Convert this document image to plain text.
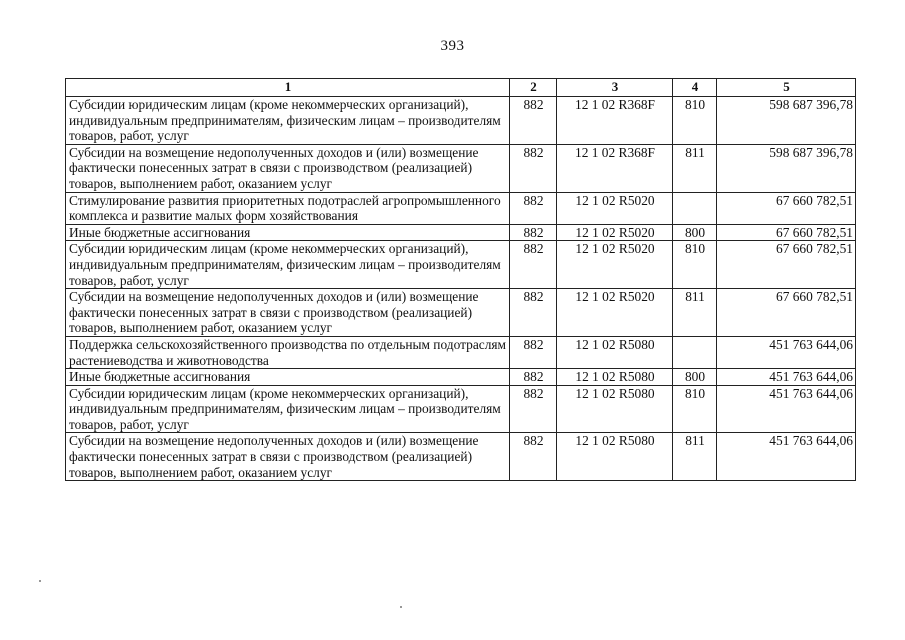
393
1	2	3	4	5
Субсидии юридическим лицам (кроме некоммерческих организаций), индивидуальным предпринимателям, физическим лицам – производителям товаров, работ, услуг	882	12 1 02 R368F	810	598 687 396,78
Субсидии на возмещение недополученных доходов и (или) возмещение фактически понесенных затрат в связи с производством (реализацией) товаров, выполнением работ, оказанием услуг	882	12 1 02 R368F	811	598 687 396,78
Стимулирование развития приоритетных подотраслей агропромышленного комплекса и развитие малых форм хозяйствования	882	12 1 02 R5020		67 660 782,51
Иные бюджетные ассигнования	882	12 1 02 R5020	800	67 660 782,51
Субсидии юридическим лицам (кроме некоммерческих организаций), индивидуальным предпринимателям, физическим лицам – производителям товаров, работ, услуг	882	12 1 02 R5020	810	67 660 782,51
Субсидии на возмещение недополученных доходов и (или) возмещение фактически понесенных затрат в связи с производством (реализацией) товаров, выполнением работ, оказанием услуг	882	12 1 02 R5020	811	67 660 782,51
Поддержка сельскохозяйственного производства по отдельным подотраслям растениеводства и животноводства	882	12 1 02 R5080		451 763 644,06
Иные бюджетные ассигнования	882	12 1 02 R5080	800	451 763 644,06
Субсидии юридическим лицам (кроме некоммерческих организаций), индивидуальным предпринимателям, физическим лицам – производителям товаров, работ, услуг	882	12 1 02 R5080	810	451 763 644,06
Субсидии на возмещение недополученных доходов и (или) возмещение фактически понесенных затрат в связи с производством (реализацией) товаров, выполнением работ, оказанием услуг	882	12 1 02 R5080	811	451 763 644,06
